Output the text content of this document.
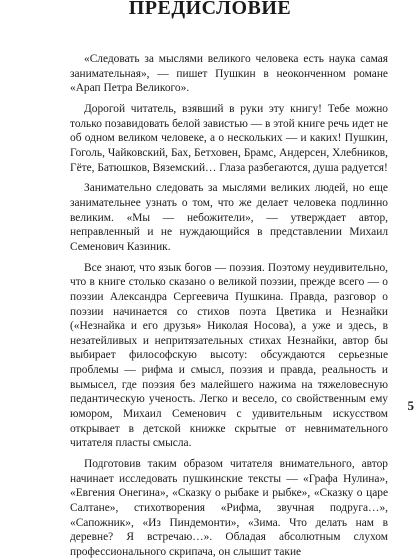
ПРЕДИСЛОВИЕ

«Следовать за мыслями великого человека есть наука самая занимательная», — пишет Пушкин в неоконченном романе «Арап Петра Великого».

Дорогой читатель, взявший в руки эту книгу! Тебе можно только позавидовать белой завистью — в этой книге речь идет не об одном великом человеке, а о нескольких — и каких! Пушкин, Гоголь, Чайковский, Бах, Бетховен, Брамс, Андерсен, Хлебников, Гёте, Батюшков, Вяземский… Глаза разбегаются, душа радуется!

Занимательно следовать за мыслями великих людей, но еще занимательнее узнать о том, что же делает человека подлинно великим. «Мы — небожители», — утверждает автор, неправленный и не нуждающийся в представлении Михаил Семенович Казиник.

Все знают, что язык богов — поэзия. Поэтому неудивительно, что в книге столько сказано о великой поэзии, прежде всего — о поэзии Александра Сергеевича Пушкина. Правда, разговор о поэзии начинается со стихов поэта Цветика и Незнайки («Незнайка и его друзья» Николая Носова), а уже и здесь, в незатейливых и непритязательных стихах Незнайки, автор бы выбирает философскую высоту: обсуждаются серьезные проблемы — рифма и смысл, поэзия и правда, реальность и вымысел, где поэзия без малейшего нажима на тяжеловесную педантическую ученость. Легко и весело, со свойственным ему юмором, Михаил Семенович с удивительным искусством открывает в детской книжке скрытые от невнимательного читателя пласты смысла.

Подготовив таким образом читателя внимательного, автор начинает исследовать пушкинские тексты — «Графа Нулина», «Евгения Онегина», «Сказку о рыбаке и рыбке», «Сказку о царе Салтане», стихотворения «Рифма, звучная подруга…», «Сапожник», «Из Пиндемонти», «Зима. Что делать нам в деревне? Я встречаю…». Обладая абсолютным слухом профессионального скрипача, он слышит такие

5
